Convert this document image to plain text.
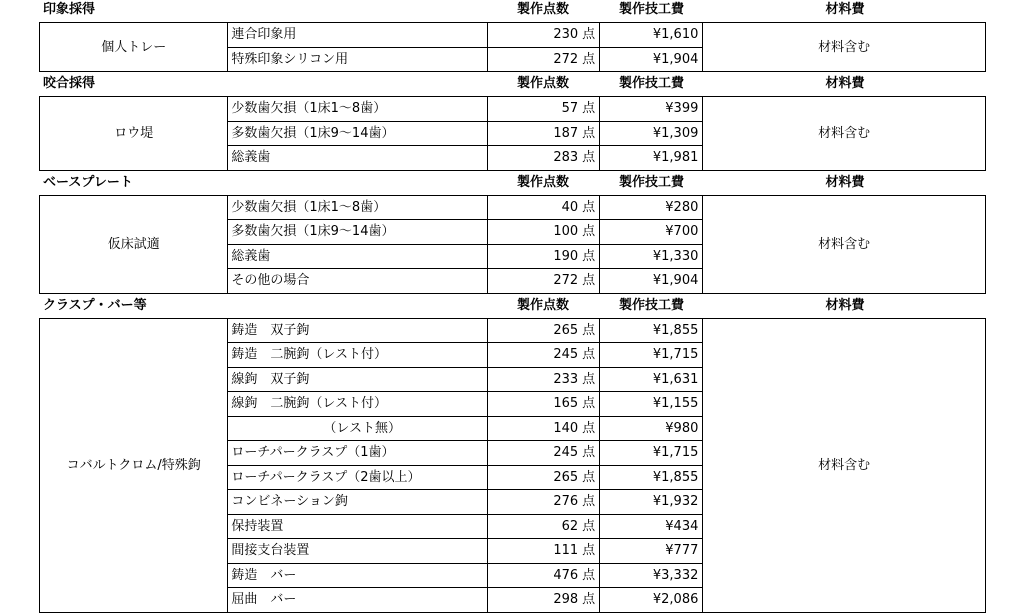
印象採得	製作点数	製作技工費	材料費
個人トレー	連合印象用	230 点	¥1,610	材料含む
	特殊印象シリコン用	272 点	¥1,904	
咬合採得	製作点数	製作技工費	材料費
ロウ堤	少数歯欠損（1床1～8歯）	57 点	¥399	材料含む
	多数歯欠損（1床9～14歯）	187 点	¥1,309	
	総義歯	283 点	¥1,981	
ベースプレート	製作点数	製作技工費	材料費
仮床試適	少数歯欠損（1床1～8歯）	40 点	¥280	材料含む
	多数歯欠損（1床9～14歯）	100 点	¥700	
	総義歯	190 点	¥1,330	
	その他の場合	272 点	¥1,904	
クラスプ・バー等	製作点数	製作技工費	材料費
コバルトクロム/特殊鉤	鋳造　双子鉤	265 点	¥1,855	材料含む
	鋳造　二腕鉤（レスト付）	245 点	¥1,715	
	線鉤　双子鉤	233 点	¥1,631	
	線鉤　二腕鉤（レスト付）	165 点	¥1,155	
	（レスト無）	140 点	¥980	
	ローチパークラスプ（1歯）	245 点	¥1,715	
	ローチパークラスプ（2歯以上）	265 点	¥1,855	
	コンビネーション鉤	276 点	¥1,932	
	保持装置	62 点	¥434	
	間接支台装置	111 点	¥777	
	鋳造　バー	476 点	¥3,332	
	屈曲　バー	298 点	¥2,086	
